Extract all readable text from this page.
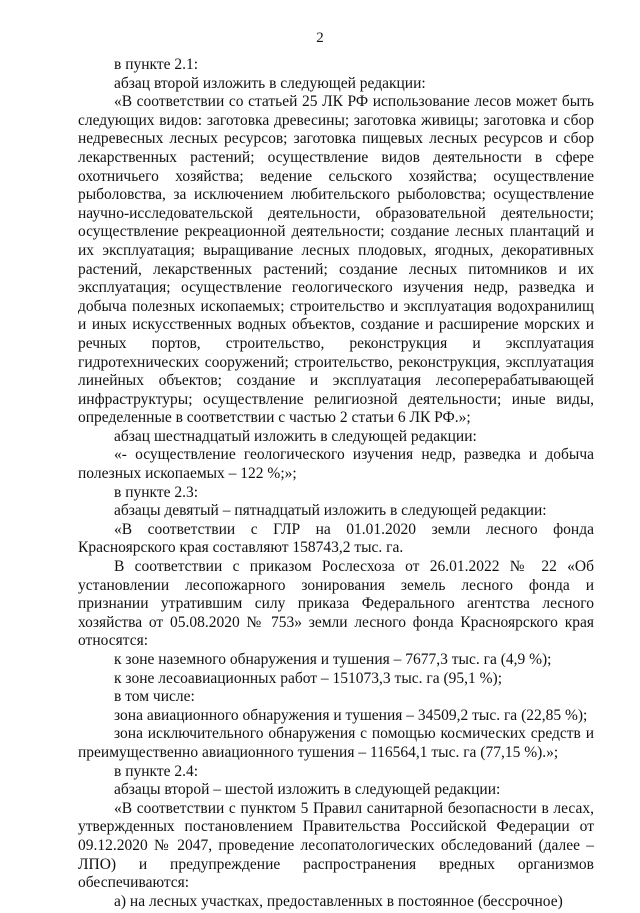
2

в пункте 2.1:

абзац второй изложить в следующей редакции:

«В соответствии со статьей 25 ЛК РФ использование лесов может быть следующих видов: заготовка древесины; заготовка живицы; заготовка и сбор недревесных лесных ресурсов; заготовка пищевых лесных ресурсов и сбор лекарственных растений; осуществление видов деятельности в сфере охотничьего хозяйства; ведение сельского хозяйства; осуществление рыболовства, за исключением любительского рыболовства; осуществление научно-исследовательской деятельности, образовательной деятельности; осуществление рекреационной деятельности; создание лесных плантаций и их эксплуатация; выращивание лесных плодовых, ягодных, декоративных растений, лекарственных растений; создание лесных питомников и их эксплуатация; осуществление геологического изучения недр, разведка и добыча полезных ископаемых; строительство и эксплуатация водохранилищ и иных искусственных водных объектов, создание и расширение морских и речных портов, строительство, реконструкция и эксплуатация гидротехнических сооружений; строительство, реконструкция, эксплуатация линейных объектов; создание и эксплуатация лесоперерабатывающей инфраструктуры; осуществление религиозной деятельности; иные виды, определенные в соответствии с частью 2 статьи 6 ЛК РФ.»;

абзац шестнадцатый изложить в следующей редакции:

«- осуществление геологического изучения недр, разведка и добыча полезных ископаемых – 122 %;»;

в пункте 2.3:

абзацы девятый – пятнадцатый изложить в следующей редакции:

«В соответствии с ГЛР на 01.01.2020 земли лесного фонда Красноярского края составляют 158743,2 тыс. га.

В соответствии с приказом Рослесхоза от 26.01.2022 № 22 «Об установлении лесопожарного зонирования земель лесного фонда и признании утратившим силу приказа Федерального агентства лесного хозяйства от 05.08.2020 № 753» земли лесного фонда Красноярского края относятся:

к зоне наземного обнаружения и тушения – 7677,3 тыс. га (4,9 %);

к зоне лесоавиационных работ – 151073,3 тыс. га (95,1 %);

в том числе:

зона авиационного обнаружения и тушения – 34509,2 тыс. га (22,85 %);

зона исключительного обнаружения с помощью космических средств и преимущественно авиационного тушения – 116564,1 тыс. га (77,15 %).»;

в пункте 2.4:

абзацы второй – шестой изложить в следующей редакции:

«В соответствии с пунктом 5 Правил санитарной безопасности в лесах, утвержденных постановлением Правительства Российской Федерации от 09.12.2020 № 2047, проведение лесопатологических обследований (далее – ЛПО) и предупреждение распространения вредных организмов обеспечиваются:

а) на лесных участках, предоставленных в постоянное (бессрочное)
